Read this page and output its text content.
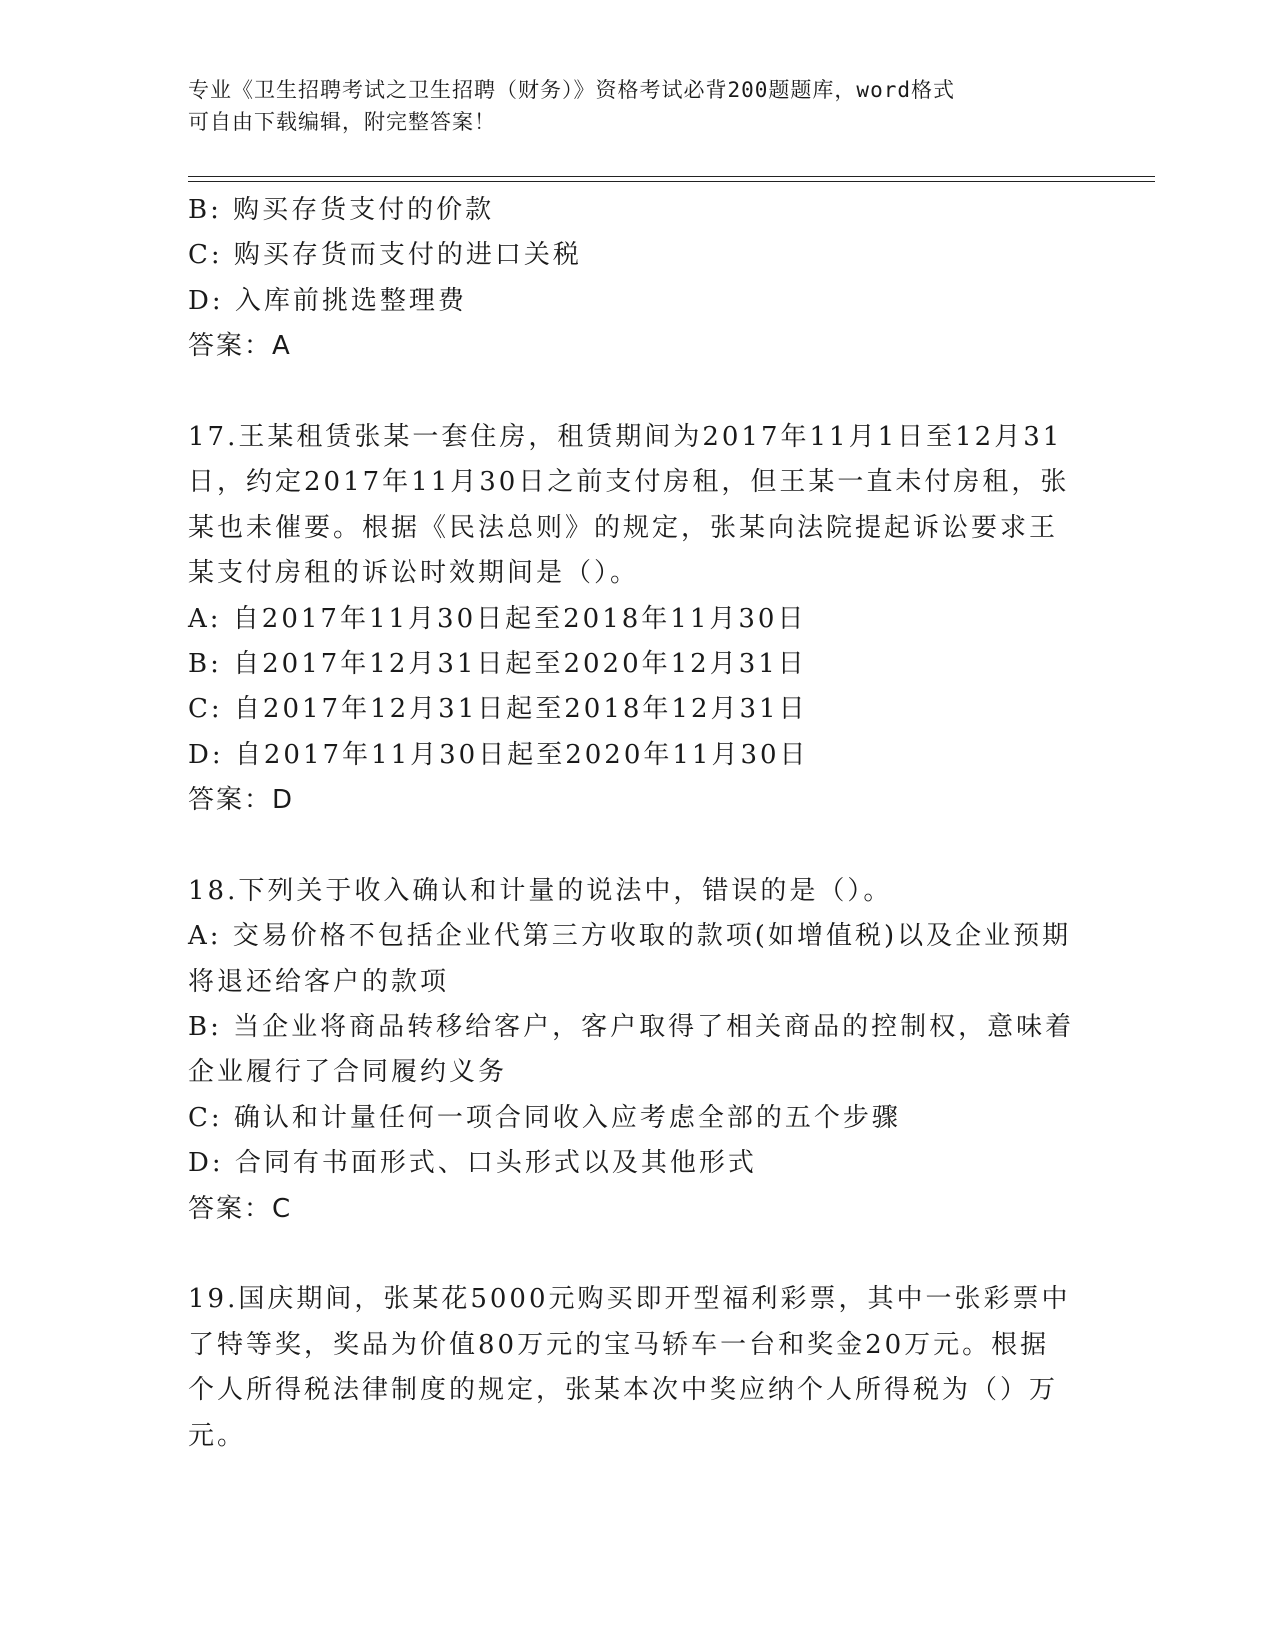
专业《卫生招聘考试之卫生招聘（财务）》资格考试必背200题题库，word格式
可自由下载编辑，附完整答案！
B: 购买存货支付的价款
C: 购买存货而支付的进口关税
D: 入库前挑选整理费
答案：A
17.王某租赁张某一套住房，租赁期间为2017年11月1日至12月31
日，约定2017年11月30日之前支付房租，但王某一直未付房租，张
某也未催要。根据《民法总则》的规定，张某向法院提起诉讼要求王
某支付房租的诉讼时效期间是（）。
A: 自2017年11月30日起至2018年11月30日
B: 自2017年12月31日起至2020年12月31日
C: 自2017年12月31日起至2018年12月31日
D: 自2017年11月30日起至2020年11月30日
答案：D
18.下列关于收入确认和计量的说法中，错误的是（）。
A: 交易价格不包括企业代第三方收取的款项(如增值税)以及企业预期
将退还给客户的款项
B: 当企业将商品转移给客户，客户取得了相关商品的控制权，意味着
企业履行了合同履约义务
C: 确认和计量任何一项合同收入应考虑全部的五个步骤
D: 合同有书面形式、口头形式以及其他形式
答案：C
19.国庆期间，张某花5000元购买即开型福利彩票，其中一张彩票中
了特等奖，奖品为价值80万元的宝马轿车一台和奖金20万元。根据
个人所得税法律制度的规定，张某本次中奖应纳个人所得税为（）万
元。
